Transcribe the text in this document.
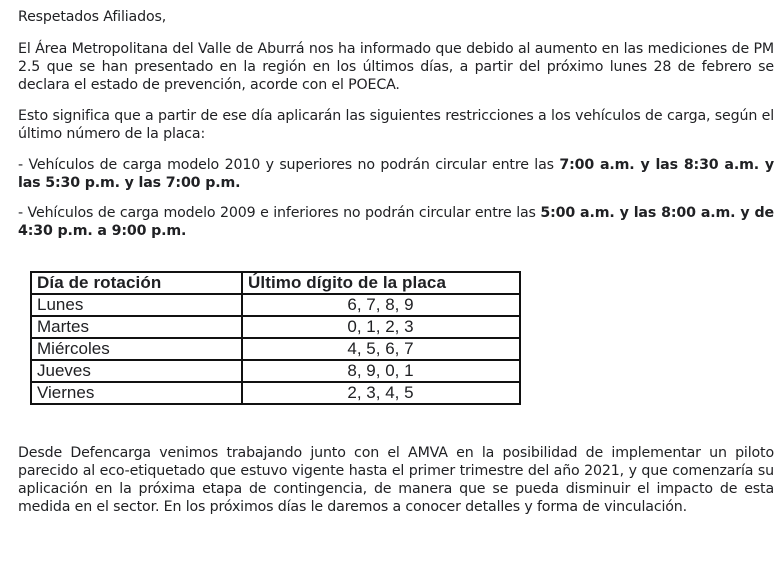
Respetados Afiliados,

El Área Metropolitana del Valle de Aburrá nos ha informado que debido al aumento en las mediciones de PM 2.5 que se han presentado en la región en los últimos días, a partir del próximo lunes 28 de febrero se declara el estado de prevención, acorde con el POECA.

Esto significa que a partir de ese día aplicarán las siguientes restricciones a los vehículos de carga, según el último número de la placa:

- Vehículos de carga modelo 2010 y superiores no podrán circular entre las 7:00 a.m. y las 8:30 a.m. y las 5:30 p.m. y las 7:00 p.m.

- Vehículos de carga modelo 2009 e inferiores no podrán circular entre las 5:00 a.m. y las 8:00 a.m. y de 4:30 p.m. a 9:00 p.m.

Día de rotación	Último dígito de la placa
Lunes	6, 7, 8, 9
Martes	0, 1, 2, 3
Miércoles	4, 5, 6, 7
Jueves	8, 9, 0, 1
Viernes	2, 3, 4, 5

Desde Defencarga venimos trabajando junto con el AMVA en la posibilidad de implementar un piloto parecido al eco-etiquetado que estuvo vigente hasta el primer trimestre del año 2021, y que comenzaría su aplicación en la próxima etapa de contingencia, de manera que se pueda disminuir el impacto de esta medida en el sector. En los próximos días le daremos a conocer detalles y forma de vinculación.
